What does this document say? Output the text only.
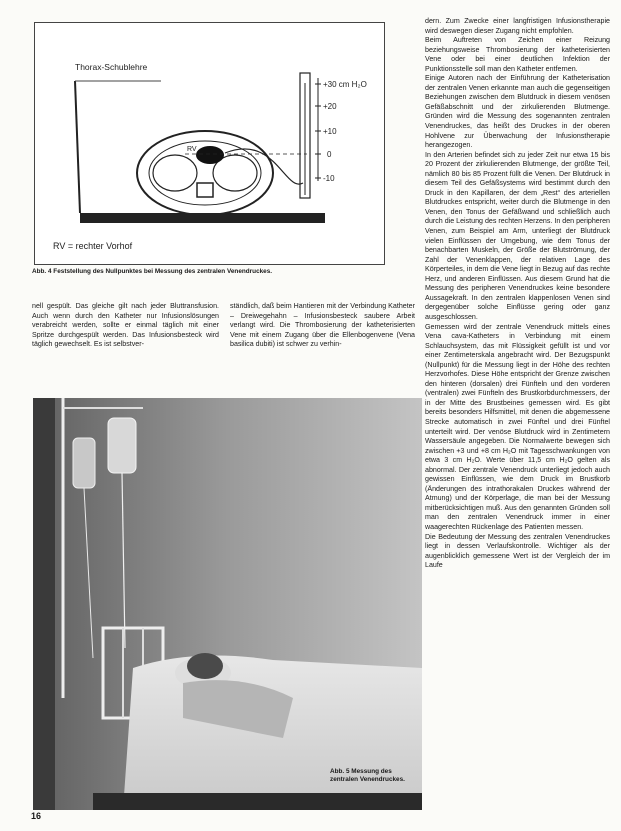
Thorax-Schublehre
+30 cm H₂O
+20
+10
0
-10
RV
RV = rechter Vorhof
Abb. 4 Feststellung des Nullpunktes bei Messung des zentralen Venendruckes.
nell gespült. Das gleiche gilt nach jeder Bluttransfusion. Auch wenn durch den Katheter nur Infusionslösungen verabreicht werden, sollte er einmal täglich mit einer Spritze durchgespült werden. Das Infusionsbesteck wird täglich gewechselt. Es ist selbstver-
ständlich, daß beim Hantieren mit der Verbindung Katheter – Dreiwegehahn – Infusionsbesteck saubere Arbeit verlangt wird. Die Thrombosierung der katheterisierten Vene mit einem Zugang über die Ellenbogenvene (Vena basilica dubiti) ist schwer zu verhin-

dern. Zum Zwecke einer langfristigen Infusionstherapie wird deswegen dieser Zugang nicht empfohlen.

Beim Auftreten von Zeichen einer Reizung beziehungsweise Thrombosierung der katheterisierten Vene oder bei einer deutlichen Infektion der Punktionsstelle soll man den Katheter entfernen.

Einige Autoren nach der Einführung der Katheterisation der zentralen Venen erkannte man auch die gegenseitigen Beziehungen zwischen dem Blutdruck in diesem venösen Gefäßabschnitt und der zirkulierenden Blutmenge. Gründen wird die Messung des sogenannten zentralen Venendruckes, das heißt des Druckes in der oberen Hohlvene zur Überwachung der Infusionstherapie herangezogen.

In den Arterien befindet sich zu jeder Zeit nur etwa 15 bis 20 Prozent der zirkulierenden Blutmenge, der größte Teil, nämlich 80 bis 85 Prozent füllt die Venen. Der Blutdruck in diesem Teil des Gefäßsystems wird bestimmt durch den Druck in den Kapillaren, der dem „Rest“ des arteriellen Blutdruckes entspricht, weiter durch die Blutmenge in den Venen, den Tonus der Gefäßwand und schließlich auch durch die Leistung des rechten Herzens. In den peripheren Venen, zum Beispiel am Arm, unterliegt der Blutdruck vielen Einflüssen der Umgebung, wie dem Tonus der benachbarten Muskeln, der Größe der Blutströmung, der Zahl der Venenklappen, der relativen Lage des Körperteiles, in dem die Vene liegt in Bezug auf das rechte Herz, und anderen Einflüssen. Aus diesem Grund hat die Messung des peripheren Venendruckes keine besondere Aussagekraft. In den zentralen klappenlosen Venen sind dergegenüber solche Einflüsse gering oder ganz ausgeschlossen.

Gemessen wird der zentrale Venendruck mittels eines Vena cava-Katheters in Verbindung mit einem Schlauchsystem, das mit Flüssigkeit gefüllt ist und vor einer Zentimeterskala angebracht wird. Der Bezugspunkt (Nullpunkt) für die Messung liegt in der Höhe des rechten Herzvorhofes. Diese Höhe entspricht der Grenze zwischen den hinteren (dorsalen) drei Fünfteln und den vorderen (ventralen) zwei Fünfteln des Brustkorbdurchmessers, der in der Mitte des Brustbeines gemessen wird. Es gibt bereits besonders Hilfsmittel, mit denen die abgemessene Strecke automatisch in zwei Fünftel und drei Fünftel unterteilt wird. Der venöse Blutdruck wird in Zentimetern Wassersäule angegeben. Die Normalwerte bewegen sich zwischen +3 und +8 cm H₂O mit Tagesschwankungen von etwa 3 cm H₂O. Werte über 11,5 cm H₂O gelten als abnormal. Der zentrale Venendruck unterliegt jedoch auch gewissen Einflüssen, wie dem Druck im Brustkorb (Änderungen des intrathorakalen Druckes während der Atmung) und der Körperlage, die man bei der Messung mitberücksichtigen muß. Aus den genannten Gründen soll man den zentralen Venendruck immer in einer waagerechten Rückenlage des Patienten messen.

Die Bedeutung der Messung des zentralen Venendruckes liegt in dessen Verlaufskontrolle. Wichtiger als der augenblicklich gemessene Wert ist der Vergleich der im Laufe

Abb. 5 Messung des zentralen Venendruckes.
16
